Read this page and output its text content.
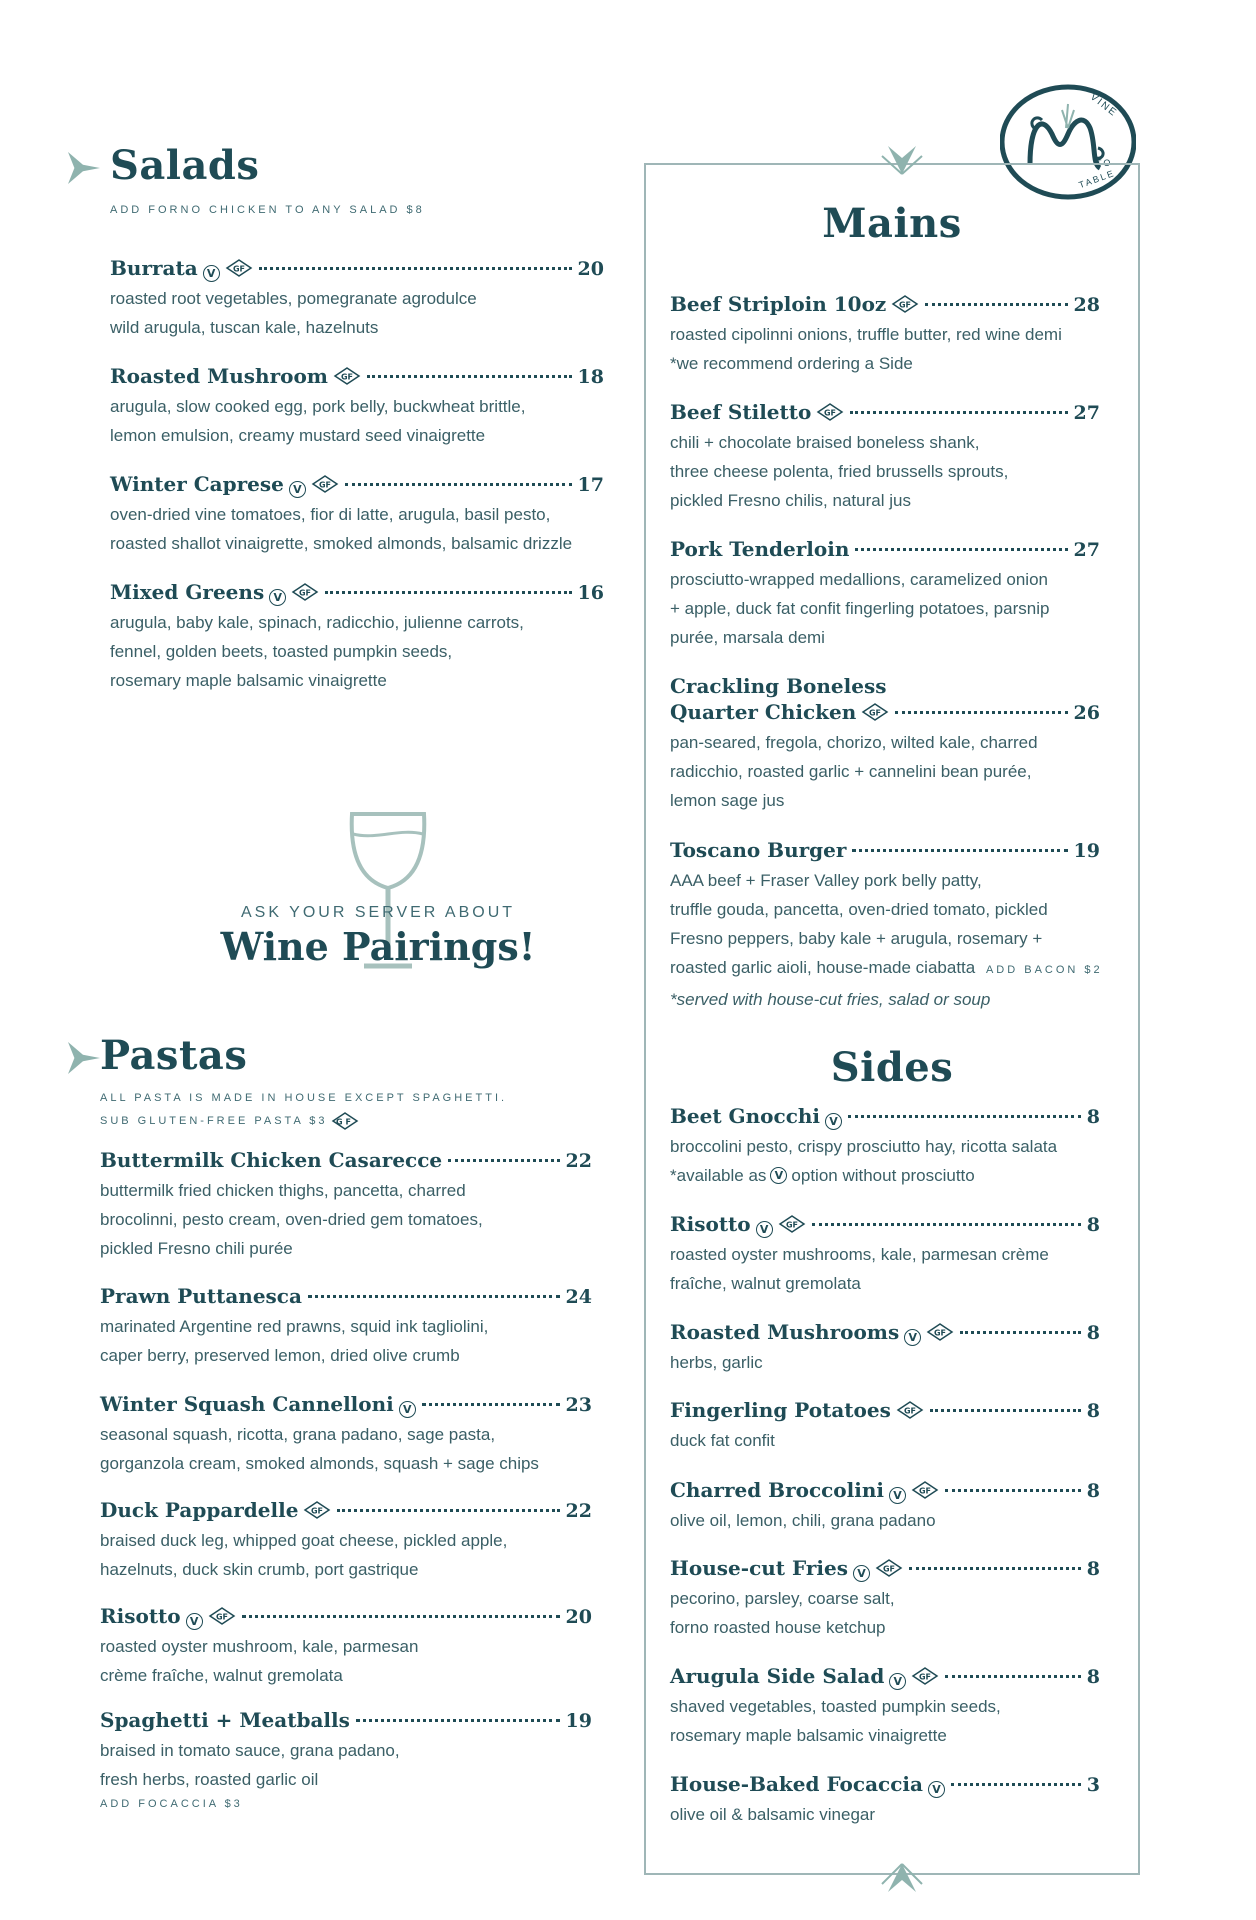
VINE
TO
TABLE
Salads
ADD FORNO CHICKEN TO ANY SALAD $8
Burrata V	20
roasted root vegetables, pomegranate agrodulce
wild arugula, tuscan kale, hazelnuts
Roasted Mushroom	18
arugula, slow cooked egg, pork belly, buckwheat brittle,
lemon emulsion, creamy mustard seed vinaigrette
Winter Caprese V	17
oven-dried vine tomatoes, fior di latte, arugula, basil pesto,
roasted shallot vinaigrette, smoked almonds, balsamic drizzle
Mixed Greens V	16
arugula, baby kale, spinach, radicchio, julienne carrots,
fennel, golden beets, toasted pumpkin seeds,
rosemary maple balsamic vinaigrette
ASK YOUR SERVER ABOUT
Wine Pairings!
Pastas
ALL PASTA IS MADE IN HOUSE EXCEPT SPAGHETTI.
SUB GLUTEN-FREE PASTA $3
Buttermilk Chicken Casarecce	22
buttermilk fried chicken thighs, pancetta, charred
brocolinni, pesto cream, oven-dried gem tomatoes,
pickled Fresno chili purée
Prawn Puttanesca	24
marinated Argentine red prawns, squid ink tagliolini,
caper berry, preserved lemon, dried olive crumb
Winter Squash Cannelloni V	23
seasonal squash, ricotta, grana padano, sage pasta,
gorganzola cream, smoked almonds, squash + sage chips
Duck Pappardelle	22
braised duck leg, whipped goat cheese, pickled apple,
hazelnuts, duck skin crumb, port gastrique
Risotto V	20
roasted oyster mushroom, kale, parmesan
crème fraîche, walnut gremolata
Spaghetti + Meatballs	19
braised in tomato sauce, grana padano,
fresh herbs, roasted garlic oil
ADD FOCACCIA $3
Mains
Beef Striploin 10oz	28
roasted cipolinni onions, truffle butter, red wine demi
*we recommend ordering a Side
Beef Stiletto	27
chili + chocolate braised boneless shank,
three cheese polenta, fried brussells sprouts,
pickled Fresno chilis, natural jus
Pork Tenderloin	27
prosciutto-wrapped medallions, caramelized onion
+ apple, duck fat confit fingerling potatoes, parsnip
purée, marsala demi
Crackling Boneless
Quarter Chicken	26
pan-seared, fregola, chorizo, wilted kale, charred
radicchio, roasted garlic + cannelini bean purée,
lemon sage jus
Toscano Burger	19
AAA beef + Fraser Valley pork belly patty,
truffle gouda, pancetta, oven-dried tomato, pickled
Fresno peppers, baby kale + arugula, rosemary +
roasted garlic aioli, house-made ciabatta ADD BACON $2
*served with house-cut fries, salad or soup
Sides
Beet Gnocchi V	8
broccolini pesto, crispy prosciutto hay, ricotta salata
*available as V option without prosciutto
Risotto V	8
roasted oyster mushrooms, kale, parmesan crème
fraîche, walnut gremolata
Roasted Mushrooms V	8
herbs, garlic
Fingerling Potatoes	8
duck fat confit
Charred Broccolini V	8
olive oil, lemon, chili, grana padano
House-cut Fries V	8
pecorino, parsley, coarse salt,
forno roasted house ketchup
Arugula Side Salad V	8
shaved vegetables, toasted pumpkin seeds,
rosemary maple balsamic vinaigrette
House-Baked Focaccia V	3
olive oil & balsamic vinegar
